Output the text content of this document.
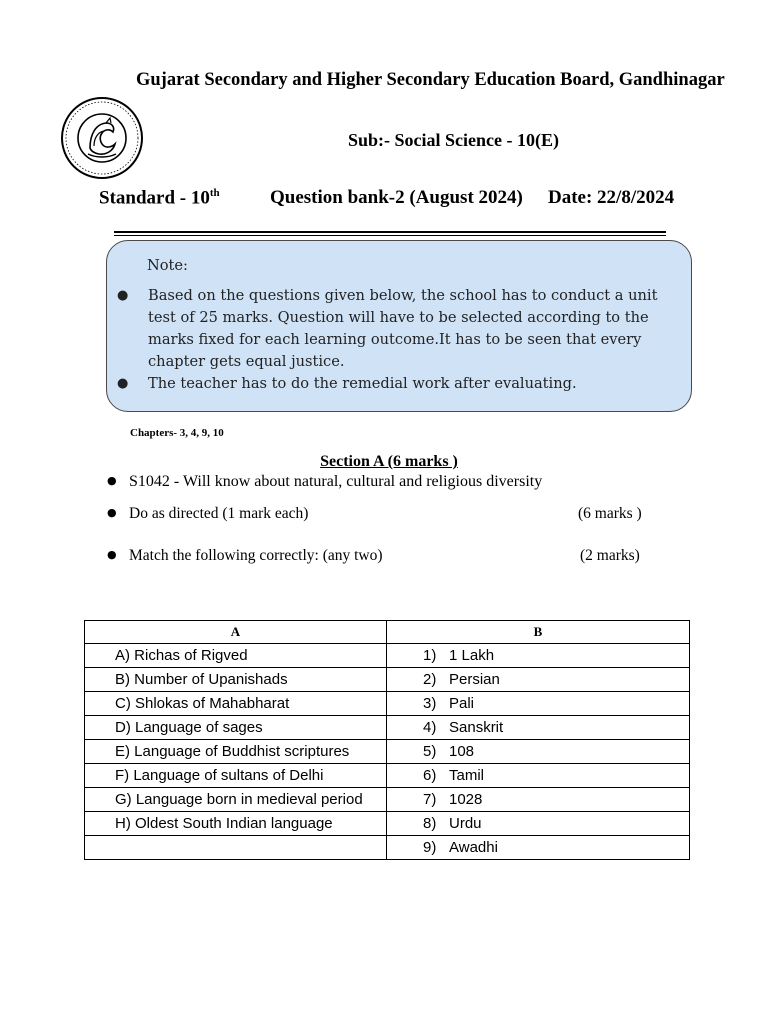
Gujarat Secondary and Higher Secondary Education Board, Gandhinagar
Sub:- Social Science - 10(E)
Standard - 10th	Question bank-2 (August 2024) Date: 22/8/2024
Note:
● Based on the questions given below, the school has to conduct a unit test of 25 marks. Question will have to be selected according to the marks fixed for each learning outcome.It has to be seen that every chapter gets equal justice.
● The teacher has to do the remedial work after evaluating.
Chapters- 3, 4, 9, 10
Section A (6 marks )
● S1042 - Will know about natural, cultural and religious diversity
● Do as directed (1 mark each)	(6 marks )
● Match the following correctly: (any two)	(2 marks)
A	B

A) Richas of Rigved	1) 1 Lakh

B) Number of Upanishads	2) Persian

C) Shlokas of Mahabharat	3) Pali

D) Language of sages	4) Sanskrit

E) Language of Buddhist scriptures	5) 108

F) Language of sultans of Delhi	6) Tamil

G) Language born in medieval period	7) 1028

H) Oldest South Indian language	8) Urdu

	9) Awadhi
